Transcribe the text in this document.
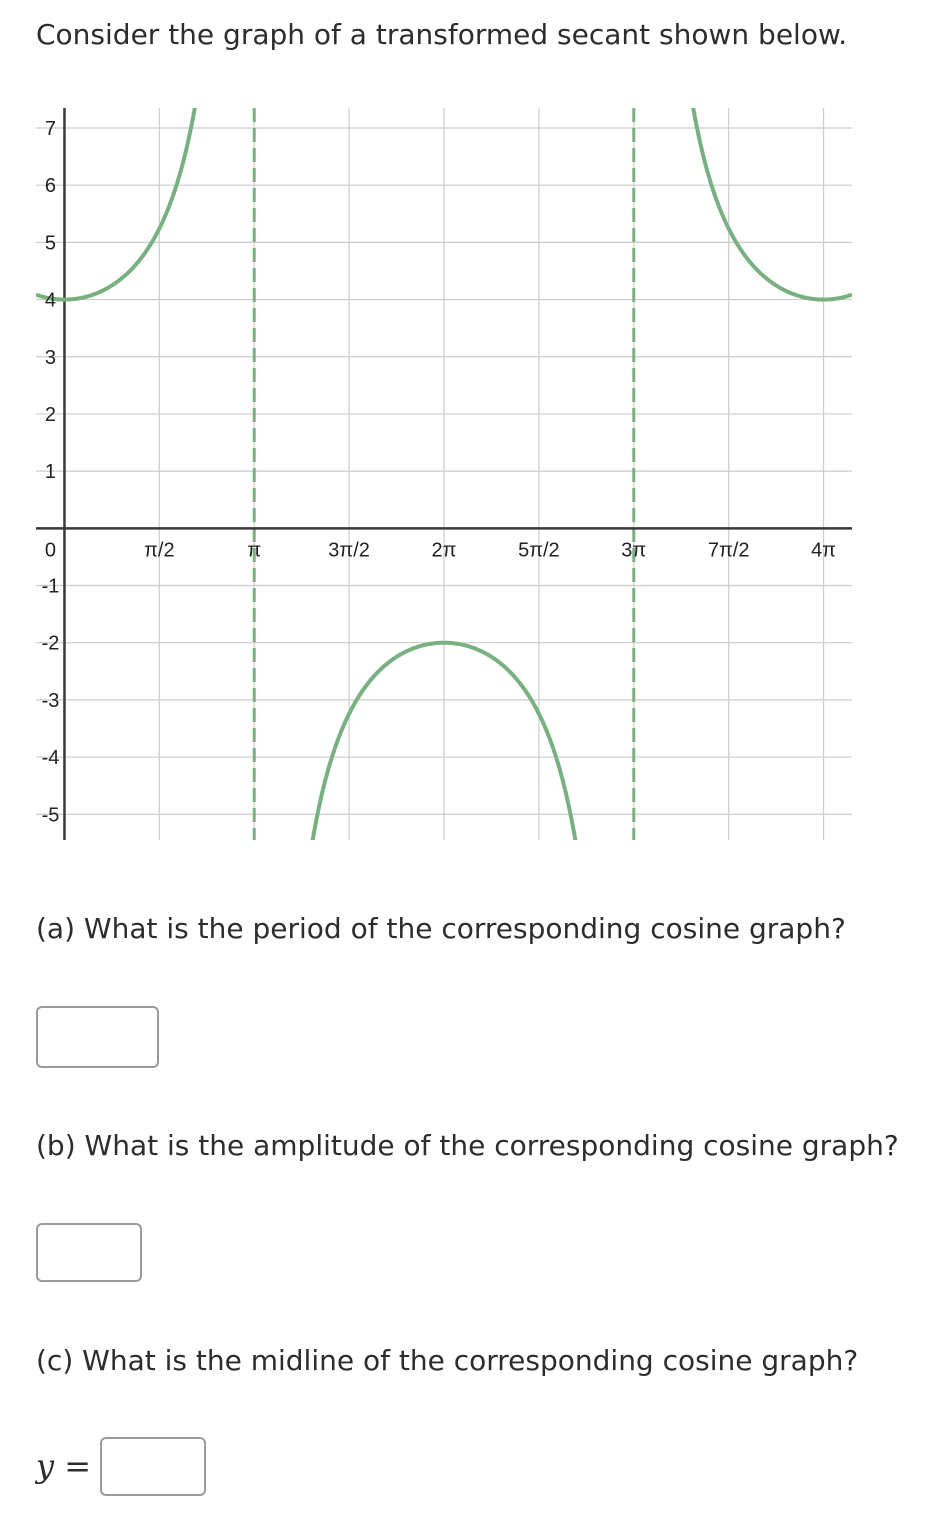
Consider the graph of a transformed secant shown below.

π/2	π	3π/2	2π	5π/2	3π	7π/2	4π
0
7
6
5
4
3
2
1
-1
-2
-3
-4
-5

(a) What is the period of the corresponding cosine graph?

(b) What is the amplitude of the corresponding cosine graph?

(c) What is the midline of the corresponding cosine graph?

y =
